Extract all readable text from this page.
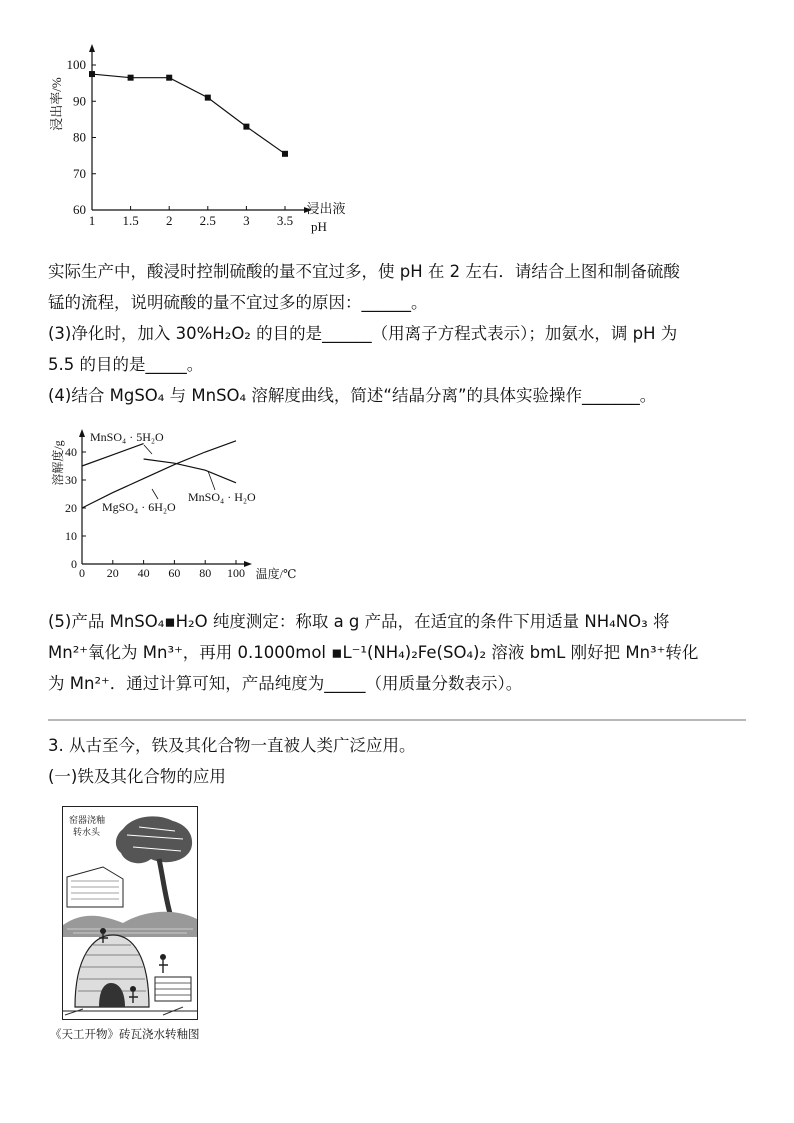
浸出率/%
浸出液
pH
60
70
80
90
100
1 1.5 2 2.5 3 3.5
实际生产中，酸浸时控制硫酸的量不宜过多，使 pH 在 2 左右．请结合上图和制备硫酸
锰的流程，说明硫酸的量不宜过多的原因：______。
(3)净化时，加入 30%H₂O₂ 的目的是______（用离子方程式表示）；加氨水，调 pH 为
5.5 的目的是_____。
(4)结合 MgSO₄ 与 MnSO₄ 溶解度曲线，简述“结晶分离”的具体实验操作_______。
溶解度/g
温度/℃
0
10
20
30
40
0 20 40 60 80 100
MnSO₄ · 5H₂O
MgSO₄ · 6H₂O
MnSO₄ · H₂O
(5)产品 MnSO₄▪H₂O 纯度测定：称取 a g 产品，在适宜的条件下用适量 NH₄NO₃ 将
Mn²⁺氧化为 Mn³⁺，再用 0.1000mol ▪L⁻¹(NH₄)₂Fe(SO₄)₂ 溶液 bmL 刚好把 Mn³⁺转化
为 Mn²⁺．通过计算可知，产品纯度为_____（用质量分数表示）。
3. 从古至今，铁及其化合物一直被人类广泛应用。
(一)铁及其化合物的应用
窑器浇釉
转水头
《天工开物》砖瓦浇水转釉图
